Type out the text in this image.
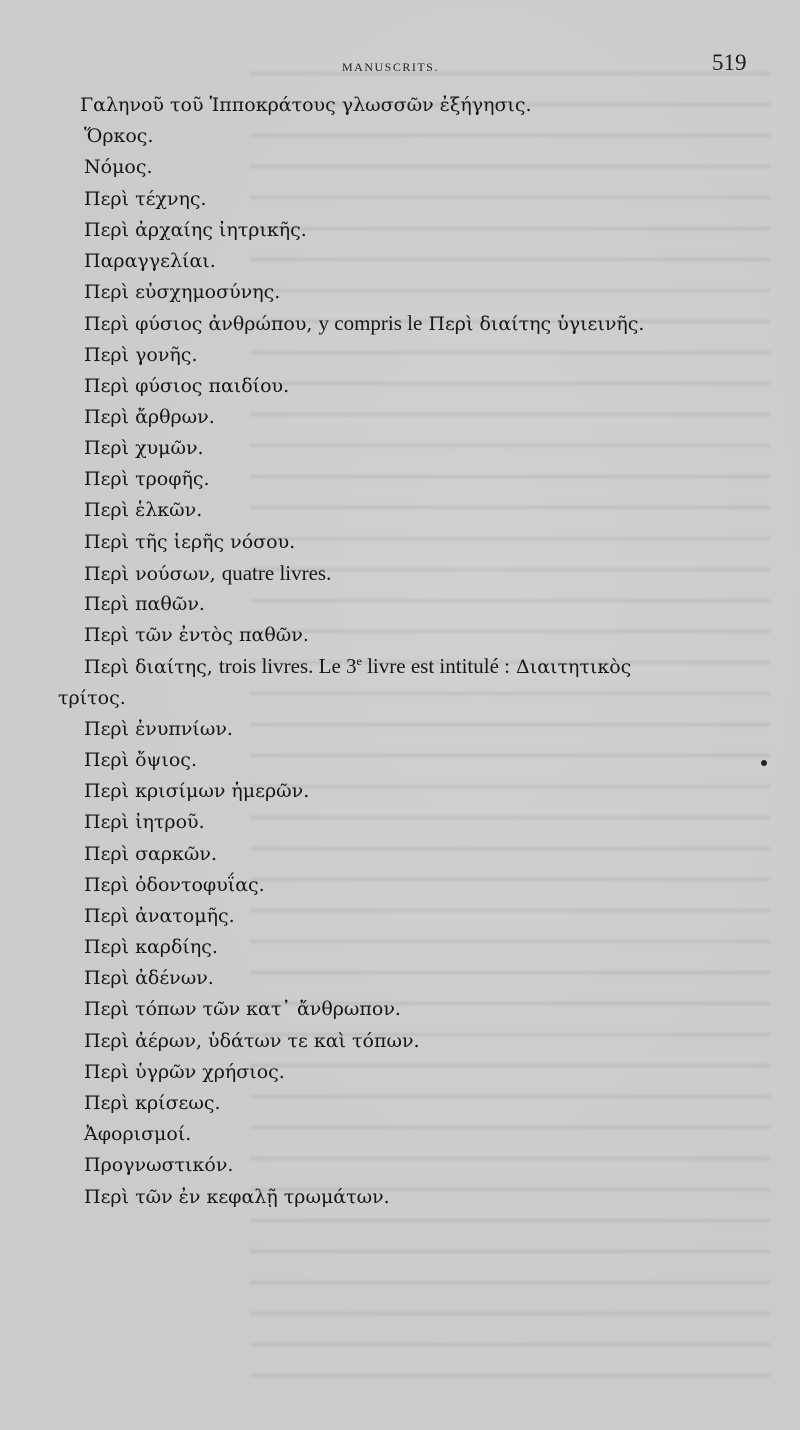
MANUSCRITS.	519
Γαληνοῦ τοῦ Ἱπποκράτους γλωσσῶν ἐξήγησις.
Ὅρκος.
Νόμος.
Περὶ τέχνης.
Περὶ ἀρχαίης ἰητρικῆς.
Παραγγελίαι.
Περὶ εὐσχημοσύνης.
Περὶ φύσιος ἀνθρώπου, y compris le Περὶ διαίτης ὑγιεινῆς.
Περὶ γονῆς.
Περὶ φύσιος παιδίου.
Περὶ ἄρθρων.
Περὶ χυμῶν.
Περὶ τροφῆς.
Περὶ ἑλκῶν.
Περὶ τῆς ἱερῆς νόσου.
Περὶ νούσων, quatre livres.
Περὶ παθῶν.
Περὶ τῶν ἐντὸς παθῶν.
Περὶ διαίτης, trois livres. Le 3e livre est intitulé : Διαιτητικὸς
τρίτος.
Περὶ ἐνυπνίων.
Περὶ ὄψιος.
Περὶ κρισίμων ἡμερῶν.
Περὶ ἰητροῦ.
Περὶ σαρκῶν.
Περὶ ὀδοντοφυΐας.
Περὶ ἀνατομῆς.
Περὶ καρδίης.
Περὶ ἀδένων.
Περὶ τόπων τῶν κατ᾽ ἄνθρωπον.
Περὶ ἀέρων, ὑδάτων τε καὶ τόπων.
Περὶ ὑγρῶν χρήσιος.
Περὶ κρίσεως.
Ἀφορισμοί.
Προγνωστικόν.
Περὶ τῶν ἐν κεφαλῇ τρωμάτων.
